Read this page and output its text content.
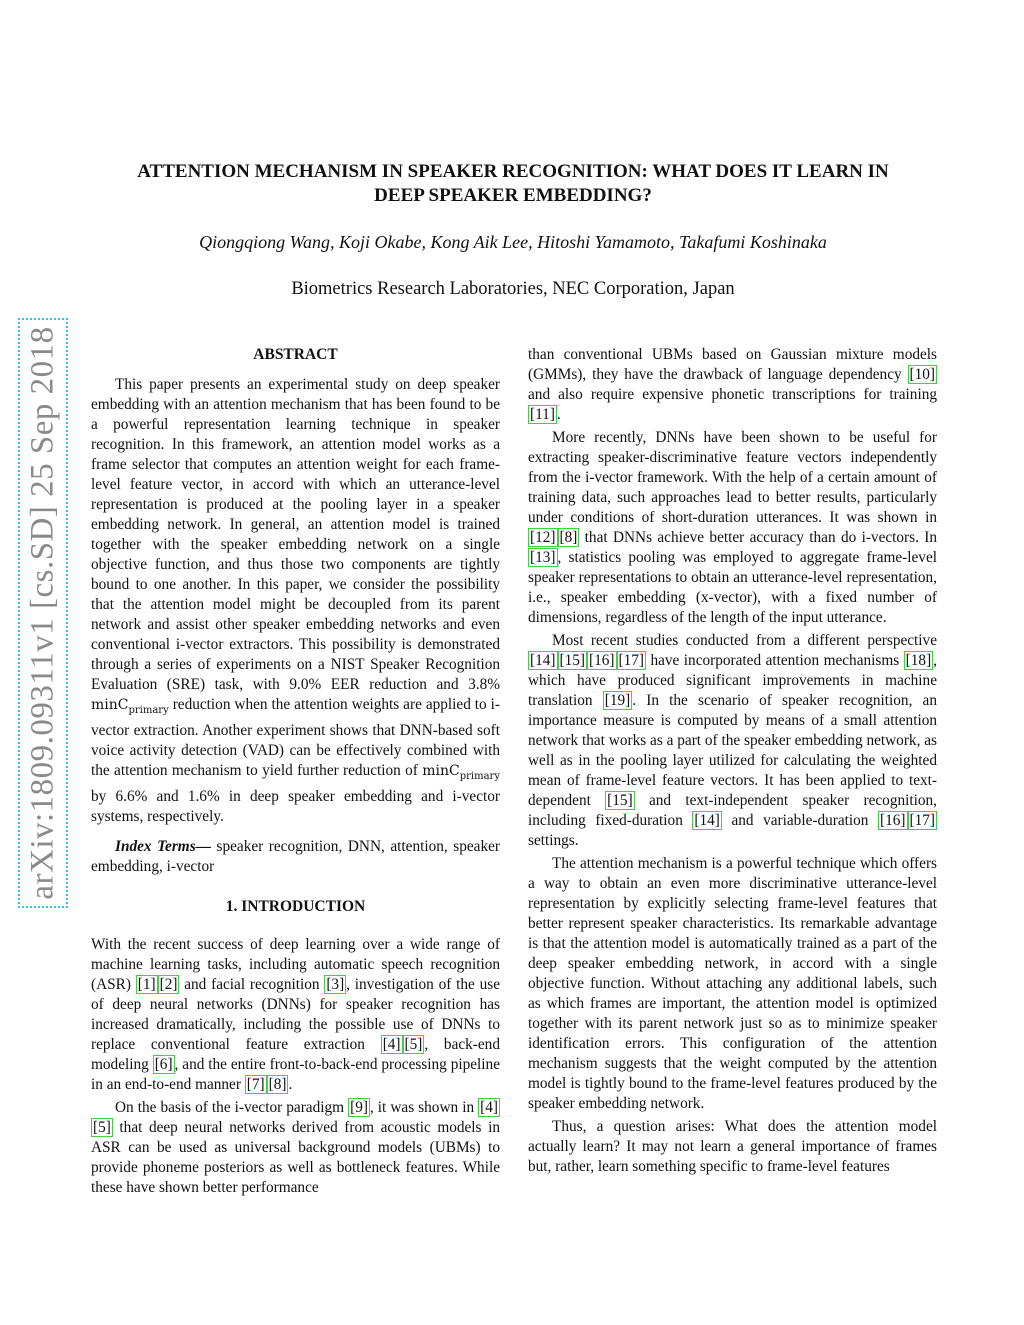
arXiv:1809.09311v1 [cs.SD] 25 Sep 2018
ATTENTION MECHANISM IN SPEAKER RECOGNITION: WHAT DOES IT LEARN IN
DEEP SPEAKER EMBEDDING?
Qiongqiong Wang, Koji Okabe, Kong Aik Lee, Hitoshi Yamamoto, Takafumi Koshinaka
Biometrics Research Laboratories, NEC Corporation, Japan
ABSTRACT

This paper presents an experimental study on deep speaker embedding with an attention mechanism that has been found to be a powerful representation learning technique in speaker recognition. In this framework, an attention model works as a frame selector that computes an attention weight for each frame-level feature vector, in accord with which an utterance-level representation is produced at the pooling layer in a speaker embedding network. In general, an attention model is trained together with the speaker embedding network on a single objective function, and thus those two components are tightly bound to one another. In this paper, we consider the possibility that the attention model might be decoupled from its parent network and assist other speaker embedding networks and even conventional i-vector extractors. This possibility is demonstrated through a series of experiments on a NIST Speaker Recognition Evaluation (SRE) task, with 9.0% EER reduction and 3.8% minC$_{primary}$ reduction when the attention weights are applied to i-vector extraction. Another experiment shows that DNN-based soft voice activity detection (VAD) can be effectively combined with the attention mechanism to yield further reduction of minC$_{primary}$ by 6.6% and 1.6% in deep speaker embedding and i-vector systems, respectively.

Index Terms— speaker recognition, DNN, attention, speaker embedding, i-vector

1. INTRODUCTION

With the recent success of deep learning over a wide range of machine learning tasks, including automatic speech recognition (ASR) [1] [2] and facial recognition [3] , investigation of the use of deep neural networks (DNNs) for speaker recognition has increased dramatically, including the possible use of DNNs to replace conventional feature extraction [4] [5] , back-end modeling [6] , and the entire front-to-back-end processing pipeline in an end-to-end manner [7] [8] .

On the basis of the i-vector paradigm [9] , it was shown in [4][5] that deep neural networks derived from acoustic models in ASR can be used as universal background models (UBMs) to provide phoneme posteriors as well as bottleneck features. While these have shown better performance

than conventional UBMs based on Gaussian mixture models (GMMs), they have the drawback of language dependency [10] and also require expensive phonetic transcriptions for training [11] .

More recently, DNNs have been shown to be useful for extracting speaker-discriminative feature vectors independently from the i-vector framework. With the help of a certain amount of training data, such approaches lead to better results, particularly under conditions of short-duration utterances. It was shown in [12] [8] that DNNs achieve better accuracy than do i-vectors. In [13] , statistics pooling was employed to aggregate frame-level speaker representations to obtain an utterance-level representation, i.e., speaker embedding (x-vector), with a fixed number of dimensions, regardless of the length of the input utterance.

Most recent studies conducted from a different perspective [14] [15] [16] [17] have incorporated attention mechanisms [18] , which have produced significant improvements in machine translation [19] . In the scenario of speaker recognition, an importance measure is computed by means of a small attention network that works as a part of the speaker embedding network, as well as in the pooling layer utilized for calculating the weighted mean of frame-level feature vectors. It has been applied to text-dependent [15] and text-independent speaker recognition, including fixed-duration [14] and variable-duration [16] [17] settings.

The attention mechanism is a powerful technique which offers a way to obtain an even more discriminative utterance-level representation by explicitly selecting frame-level features that better represent speaker characteristics. Its remarkable advantage is that the attention model is automatically trained as a part of the deep speaker embedding network, in accord with a single objective function. Without attaching any additional labels, such as which frames are important, the attention model is optimized together with its parent network just so as to minimize speaker identification errors. This configuration of the attention mechanism suggests that the weight computed by the attention model is tightly bound to the frame-level features produced by the speaker embedding network.

Thus, a question arises: What does the attention model actually learn? It may not learn a general importance of frames but, rather, learn something specific to frame-level features
